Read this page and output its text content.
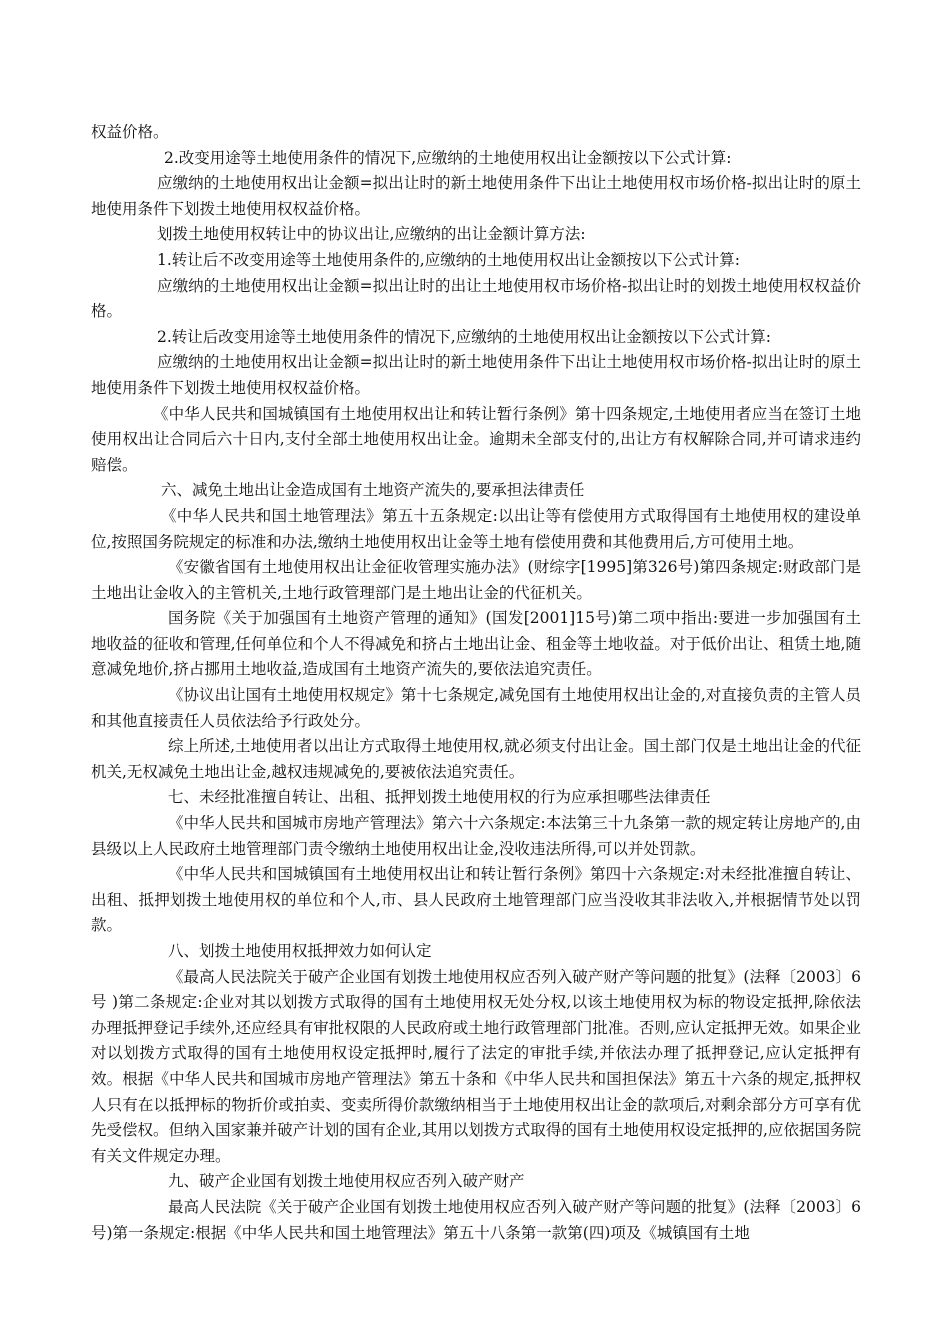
权益价格。

2.改变用途等土地使用条件的情况下,应缴纳的土地使用权出让金额按以下公式计算:

应缴纳的土地使用权出让金额=拟出让时的新土地使用条件下出让土地使用权市场价格-拟出让时的原土地使用条件下划拨土地使用权权益价格。

划拨土地使用权转让中的协议出让,应缴纳的出让金额计算方法:

1.转让后不改变用途等土地使用条件的,应缴纳的土地使用权出让金额按以下公式计算:

应缴纳的土地使用权出让金额=拟出让时的出让土地使用权市场价格-拟出让时的划拨土地使用权权益价格。

2.转让后改变用途等土地使用条件的情况下,应缴纳的土地使用权出让金额按以下公式计算:

应缴纳的土地使用权出让金额=拟出让时的新土地使用条件下出让土地使用权市场价格-拟出让时的原土地使用条件下划拨土地使用权权益价格。

《中华人民共和国城镇国有土地使用权出让和转让暂行条例》第十四条规定,土地使用者应当在签订土地使用权出让合同后六十日内,支付全部土地使用权出让金。逾期未全部支付的,出让方有权解除合同,并可请求违约赔偿。

六、减免土地出让金造成国有土地资产流失的,要承担法律责任

《中华人民共和国土地管理法》第五十五条规定:以出让等有偿使用方式取得国有土地使用权的建设单位,按照国务院规定的标准和办法,缴纳土地使用权出让金等土地有偿使用费和其他费用后,方可使用土地。

《安徽省国有土地使用权出让金征收管理实施办法》(财综字[1995]第326号)第四条规定:财政部门是土地出让金收入的主管机关,土地行政管理部门是土地出让金的代征机关。

国务院《关于加强国有土地资产管理的通知》(国发[2001]15号)第二项中指出:要进一步加强国有土地收益的征收和管理,任何单位和个人不得减免和挤占土地出让金、租金等土地收益。对于低价出让、租赁土地,随意减免地价,挤占挪用土地收益,造成国有土地资产流失的,要依法追究责任。

《协议出让国有土地使用权规定》第十七条规定,减免国有土地使用权出让金的,对直接负责的主管人员和其他直接责任人员依法给予行政处分。

综上所述,土地使用者以出让方式取得土地使用权,就必须支付出让金。国土部门仅是土地出让金的代征机关,无权减免土地出让金,越权违规减免的,要被依法追究责任。

七、未经批准擅自转让、出租、抵押划拨土地使用权的行为应承担哪些法律责任

《中华人民共和国城市房地产管理法》第六十六条规定:本法第三十九条第一款的规定转让房地产的,由县级以上人民政府土地管理部门责令缴纳土地使用权出让金,没收违法所得,可以并处罚款。

《中华人民共和国城镇国有土地使用权出让和转让暂行条例》第四十六条规定:对未经批准擅自转让、出租、抵押划拨土地使用权的单位和个人,市、县人民政府土地管理部门应当没收其非法收入,并根据情节处以罚款。

八、划拨土地使用权抵押效力如何认定

《最高人民法院关于破产企业国有划拨土地使用权应否列入破产财产等问题的批复》(法释〔2003〕6号 )第二条规定:企业对其以划拨方式取得的国有土地使用权无处分权,以该土地使用权为标的物设定抵押,除依法办理抵押登记手续外,还应经具有审批权限的人民政府或土地行政管理部门批准。否则,应认定抵押无效。如果企业对以划拨方式取得的国有土地使用权设定抵押时,履行了法定的审批手续,并依法办理了抵押登记,应认定抵押有效。根据《中华人民共和国城市房地产管理法》第五十条和《中华人民共和国担保法》第五十六条的规定,抵押权人只有在以抵押标的物折价或拍卖、变卖所得价款缴纳相当于土地使用权出让金的款项后,对剩余部分方可享有优先受偿权。但纳入国家兼并破产计划的国有企业,其用以划拨方式取得的国有土地使用权设定抵押的,应依据国务院有关文件规定办理。

九、破产企业国有划拨土地使用权应否列入破产财产

最高人民法院《关于破产企业国有划拨土地使用权应否列入破产财产等问题的批复》(法释〔2003〕6号)第一条规定:根据《中华人民共和国土地管理法》第五十八条第一款第(四)项及《城镇国有土地
